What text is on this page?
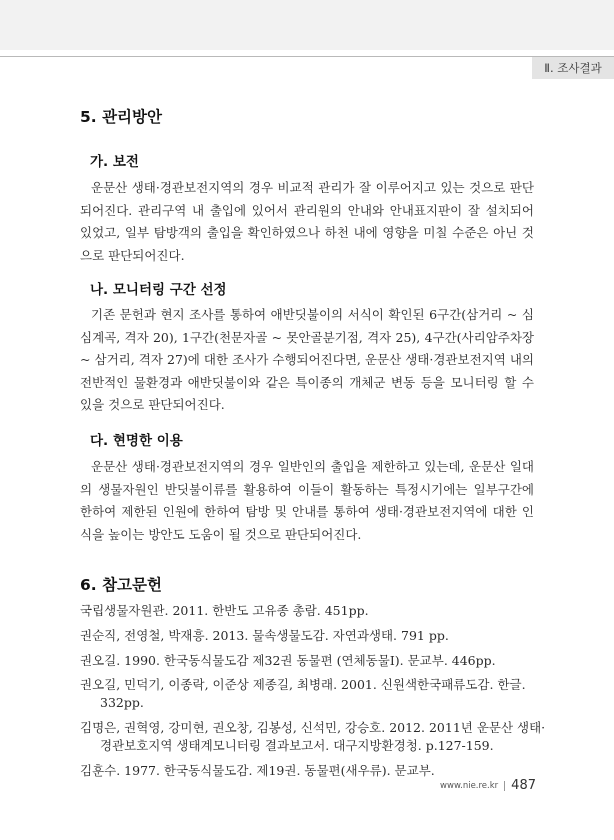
Ⅱ. 조사결과
5. 관리방안
가. 보전

운문산 생태·경관보전지역의 경우 비교적 관리가 잘 이루어지고 있는 것으로 판단되어진다. 관리구역 내 출입에 있어서 관리원의 안내와 안내표지판이 잘 설치되어 있었고, 일부 탐방객의 출입을 확인하였으나 하천 내에 영향을 미칠 수준은 아닌 것으로 판단되어진다.

나. 모니터링 구간 선정

기존 문헌과 현지 조사를 통하여 애반딧불이의 서식이 확인된 6구간(삼거리 ~ 심심계곡, 격자 20), 1구간(천문자골 ~ 못안골분기점, 격자 25), 4구간(사리암주차장 ~ 삼거리, 격자 27)에 대한 조사가 수행되어진다면, 운문산 생태·경관보전지역 내의 전반적인 물환경과 애반딧불이와 같은 특이종의 개체군 변동 등을 모니터링 할 수 있을 것으로 판단되어진다.

다. 현명한 이용

운문산 생태·경관보전지역의 경우 일반인의 출입을 제한하고 있는데, 운문산 일대의 생물자원인 반딧불이류를 활용하여 이들이 활동하는 특정시기에는 일부구간에 한하여 제한된 인원에 한하여 탐방 및 안내를 통하여 생태·경관보전지역에 대한 인식을 높이는 방안도 도움이 될 것으로 판단되어진다.

6. 참고문헌
국립생물자원관. 2011. 한반도 고유종 총람. 451pp.
권순직, 전영철, 박재흥. 2013. 물속생물도감. 자연과생태. 791 pp.
권오길. 1990. 한국동식물도감 제32권 동물편 (연체동물Ⅰ). 문교부. 446pp.
권오길, 민덕기, 이종락, 이준상 제종길, 최병래. 2001. 신원색한국패류도감. 한글. 332pp.
김명은, 권혁영, 강미현, 권오창, 김봉성, 신석민, 강승호. 2012. 2011년 운문산 생태·경관보호지역 생태계모니터링 결과보고서. 대구지방환경청. p.127-159.
김훈수. 1977. 한국동식물도감. 제19권. 동물편(새우류). 문교부.
www.nie.re.kr 487
